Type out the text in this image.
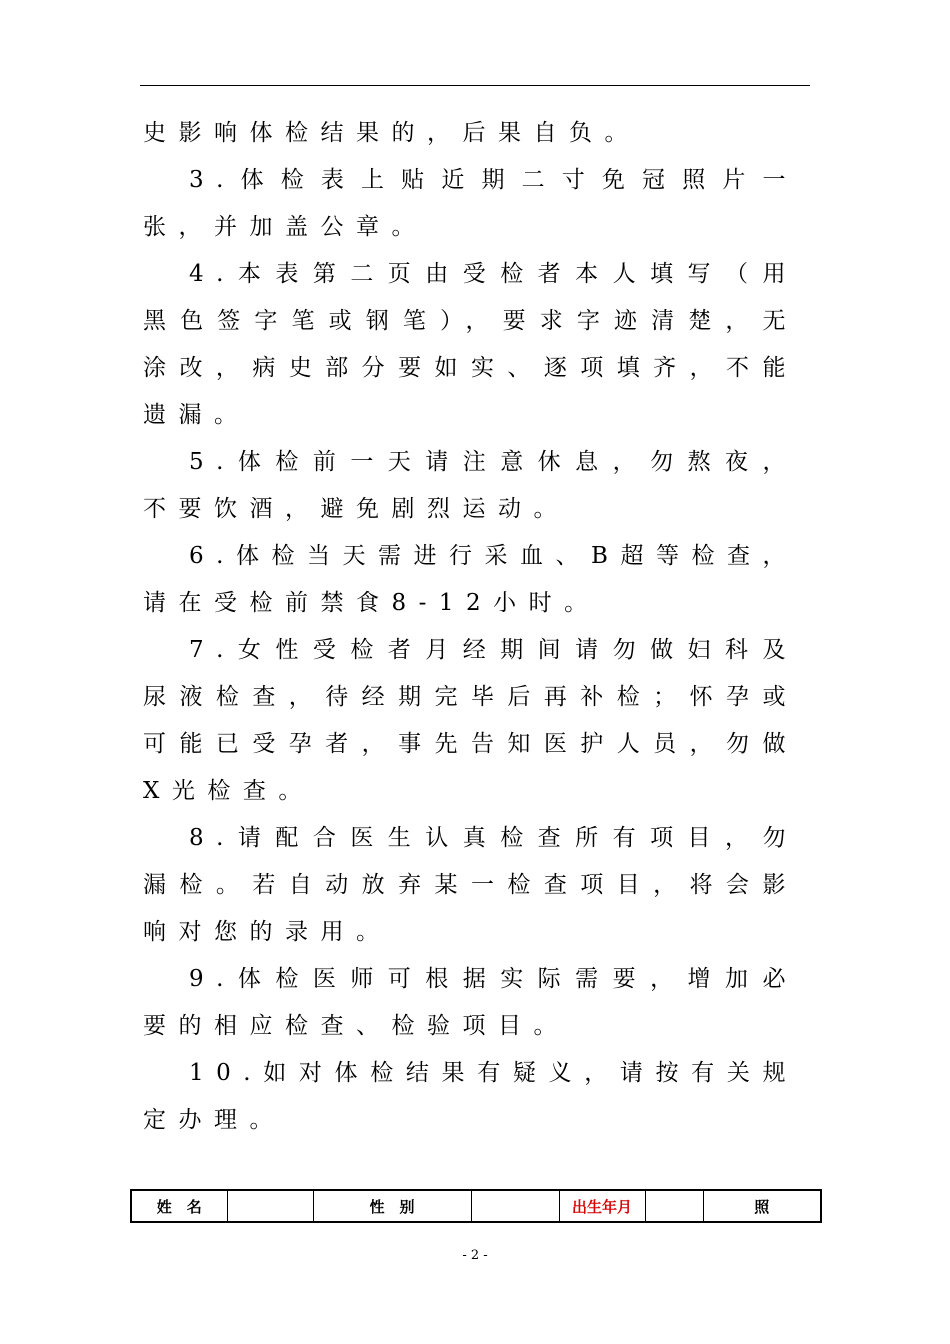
史影响体检结果的，后果自负。

3.体检表上贴近期二寸免冠照片一张，并加盖公章。

4.本表第二页由受检者本人填写（用黑色签字笔或钢笔），要求字迹清楚，无涂改，病史部分要如实、逐项填齐，不能遗漏。

5.体检前一天请注意休息，勿熬夜，不要饮酒，避免剧烈运动。

6.体检当天需进行采血、B超等检查，请在受检前禁食8-12小时。

7.女性受检者月经期间请勿做妇科及尿液检查，待经期完毕后再补检；怀孕或可能已受孕者，事先告知医护人员，勿做X光检查。

8.请配合医生认真检查所有项目，勿漏检。若自动放弃某一检查项目，将会影响对您的录用。

9.体检医师可根据实际需要，增加必要的相应检查、检验项目。

10.如对体检结果有疑义，请按有关规定办理。

姓　名		性　别		出生年月		照
- 2 -
